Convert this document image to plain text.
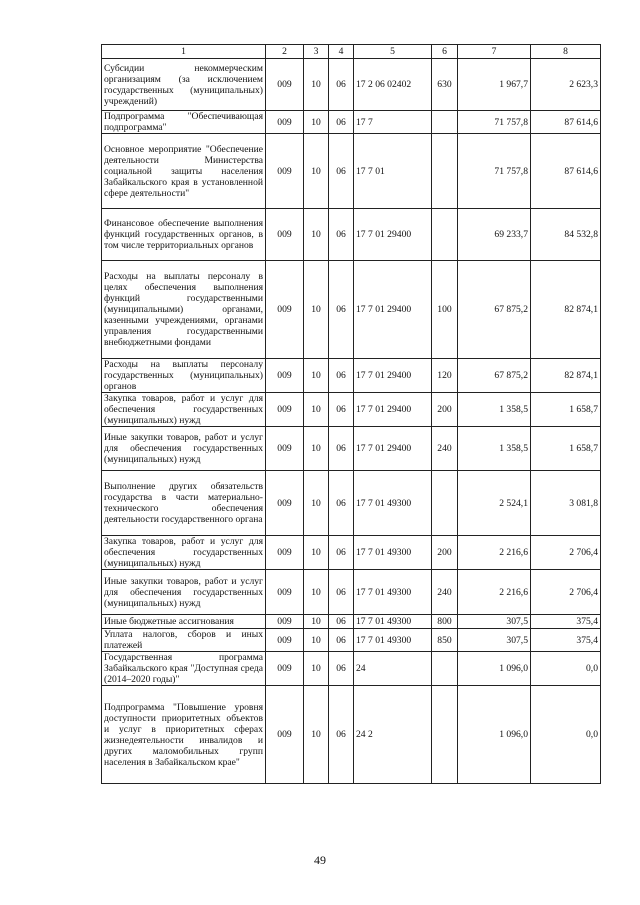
1	2	3	4	5	6	7	8
Субсидии некоммерческим организациям (за исключением государственных (муниципальных) учреждений)	009	10	06	17 2 06 02402	630	1 967,7	2 623,3
Подпрограмма "Обеспечивающая подпрограмма"	009	10	06	17 7		71 757,8	87 614,6
Основное мероприятие "Обеспечение деятельности Министерства социальной защиты населения Забайкальского края в установленной сфере деятельности"	009	10	06	17 7 01		71 757,8	87 614,6
Финансовое обеспечение выполнения функций государственных органов, в том числе территориальных органов	009	10	06	17 7 01 29400		69 233,7	84 532,8
Расходы на выплаты персоналу в целях обеспечения выполнения функций государственными (муниципальными) органами, казенными учреждениями, органами управления государственными внебюджетными фондами	009	10	06	17 7 01 29400	100	67 875,2	82 874,1
Расходы на выплаты персоналу государственных (муниципальных) органов	009	10	06	17 7 01 29400	120	67 875,2	82 874,1
Закупка товаров, работ и услуг для обеспечения государственных (муниципальных) нужд	009	10	06	17 7 01 29400	200	1 358,5	1 658,7
Иные закупки товаров, работ и услуг для обеспечения государственных (муниципальных) нужд	009	10	06	17 7 01 29400	240	1 358,5	1 658,7
Выполнение других обязательств государства в части материально-технического обеспечения деятельности государственного органа	009	10	06	17 7 01 49300		2 524,1	3 081,8
Закупка товаров, работ и услуг для обеспечения государственных (муниципальных) нужд	009	10	06	17 7 01 49300	200	2 216,6	2 706,4
Иные закупки товаров, работ и услуг для обеспечения государственных (муниципальных) нужд	009	10	06	17 7 01 49300	240	2 216,6	2 706,4
Иные бюджетные ассигнования	009	10	06	17 7 01 49300	800	307,5	375,4
Уплата налогов, сборов и иных платежей	009	10	06	17 7 01 49300	850	307,5	375,4
Государственная программа Забайкальского края "Доступная среда (2014–2020 годы)"	009	10	06	24		1 096,0	0,0
Подпрограмма "Повышение уровня доступности приоритетных объектов и услуг в приоритетных сферах жизнедеятельности инвалидов и других маломобильных групп населения в Забайкальском крае"	009	10	06	24 2		1 096,0	0,0
49
